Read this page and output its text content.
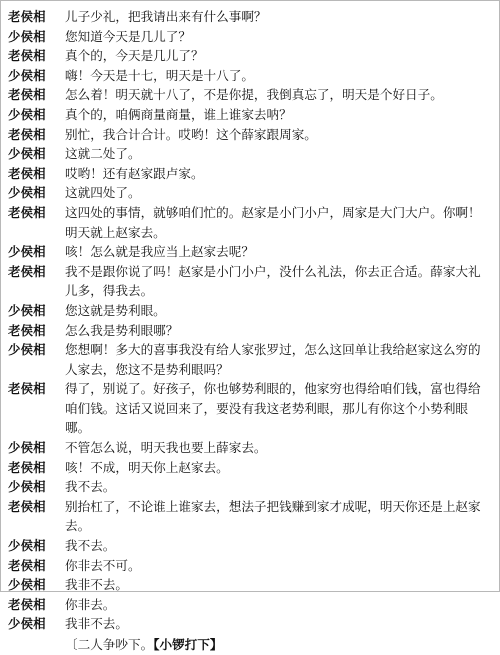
老侯相	儿子少礼，把我请出来有什么事啊？
少侯相	您知道今天是几儿了？
老侯相	真个的，今天是几儿了？
少侯相	嗨！今天是十七，明天是十八了。
老侯相	怎么着！明天就十八了，不是你提，我倒真忘了，明天是个好日子。
少侯相	真个的，咱俩商量商量，谁上谁家去呐？
老侯相	别忙，我合计合计。哎哟！这个薛家跟周家。
少侯相	这就二处了。
老侯相	哎哟！还有赵家跟卢家。
少侯相	这就四处了。
老侯相	这四处的事情，就够咱们忙的。赵家是小门小户，周家是大门大户。你啊！明天就上赵家去。
少侯相	咳！怎么就是我应当上赵家去呢？
老侯相	我不是跟你说了吗！赵家是小门小户，没什么礼法，你去正合适。薛家大礼儿多，得我去。
少侯相	您这就是势利眼。
老侯相	怎么我是势利眼哪？
少侯相	您想啊！多大的喜事我没有给人家张罗过，怎么这回单让我给赵家这么穷的人家去，您这不是势利眼吗？
老侯相	得了，别说了。好孩子，你也够势利眼的，他家穷也得给咱们钱，富也得给咱们钱。这话又说回来了，要没有我这老势利眼，那儿有你这个小势利眼哪。
少侯相	不管怎么说，明天我也要上薛家去。
老侯相	咳！不成，明天你上赵家去。
少侯相	我不去。
老侯相	别抬杠了，不论谁上谁家去，想法子把钱赚到家才成呢，明天你还是上赵家去。
少侯相	我不去。
老侯相	你非去不可。
少侯相	我非不去。
老侯相	你非去。
少侯相	我非不去。
〔二人争吵下。【小锣打下】
